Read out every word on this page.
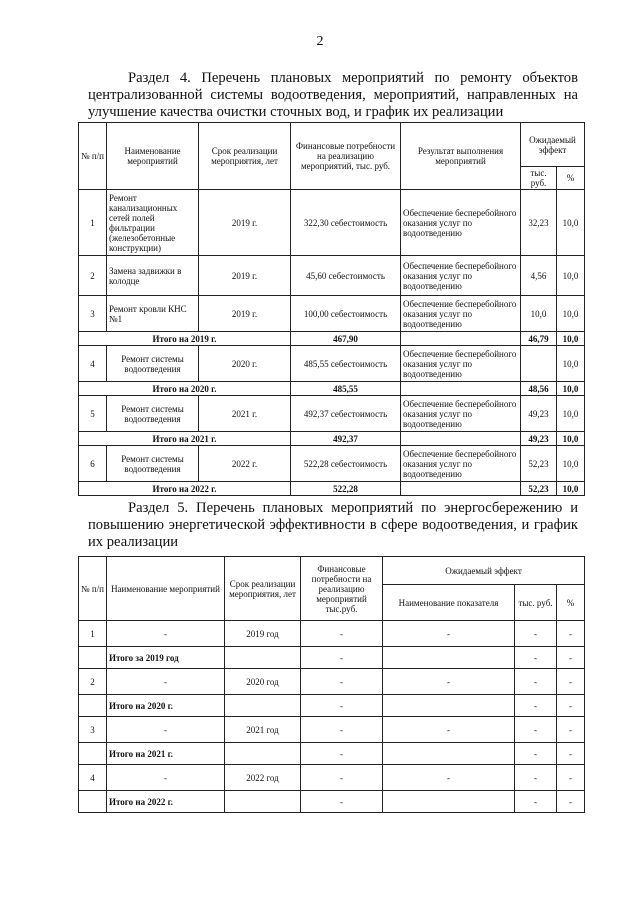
2
Раздел 4. Перечень плановых мероприятий по ремонту объектов централизованной системы водоотведения, мероприятий, направленных на улучшение качества очистки сточных вод, и график их реализации
№ п/п	Наименование мероприятий	Срок реализации мероприятия, лет	Финансовые потребности на реализацию мероприятий, тыс. руб.	Результат выполнения мероприятий	Ожидаемый эффект	
					тыс. руб.	%
1	Ремонт канализационных сетей полей фильтрации (железобетонные конструкции)	2019 г.	322,30 себестоимость	Обеспечение бесперебойного оказания услуг по водоотведению	32,23	10,0
2	Замена задвижки в колодце	2019 г.	45,60 себестоимость	Обеспечение бесперебойного оказания услуг по водоотведению	4,56	10,0
3	Ремонт кровли КНС №1	2019 г.	100,00 себестоимость	Обеспечение бесперебойного оказания услуг по водоотведению	10,0	10,0
Итого на 2019 г.			467,90		46,79	10,0
4	Ремонт системы водоотведения	2020 г.	485,55 себестоимость	Обеспечение бесперебойного оказания услуг по водоотведению		10,0
Итого на 2020 г.			485,55		48,56	10,0
5	Ремонт системы водоотведения	2021 г.	492,37 себестоимость	Обеспечение бесперебойного оказания услуг по водоотведению	49,23	10,0
Итого на 2021 г.			492,37		49,23	10,0
6	Ремонт системы водоотведения	2022 г.	522,28 себестоимость	Обеспечение бесперебойного оказания услуг по водоотведению	52,23	10,0
Итого на 2022 г.			522,28		52,23	10,0
Раздел 5. Перечень плановых мероприятий по энергосбережению и повышению энергетической эффективности в сфере водоотведения, и график их реализации
№ п/п	Наименование мероприятий	Срок реализации мероприятия, лет	Финансовые потребности на реализацию мероприятий тыс.руб.	Ожидаемый эффект		
				Наименование показателя	тыс. руб.	%
1	-	2019 год	-	-	-	-
	Итого за 2019 год		-		-	-
2	-	2020 год	-	-	-	-
	Итого на 2020 г.		-		-	-
3	-	2021 год	-	-	-	-
	Итого на 2021 г.		-		-	-
4	-	2022 год	-	-	-	-
	Итого на 2022 г.		-		-	-
